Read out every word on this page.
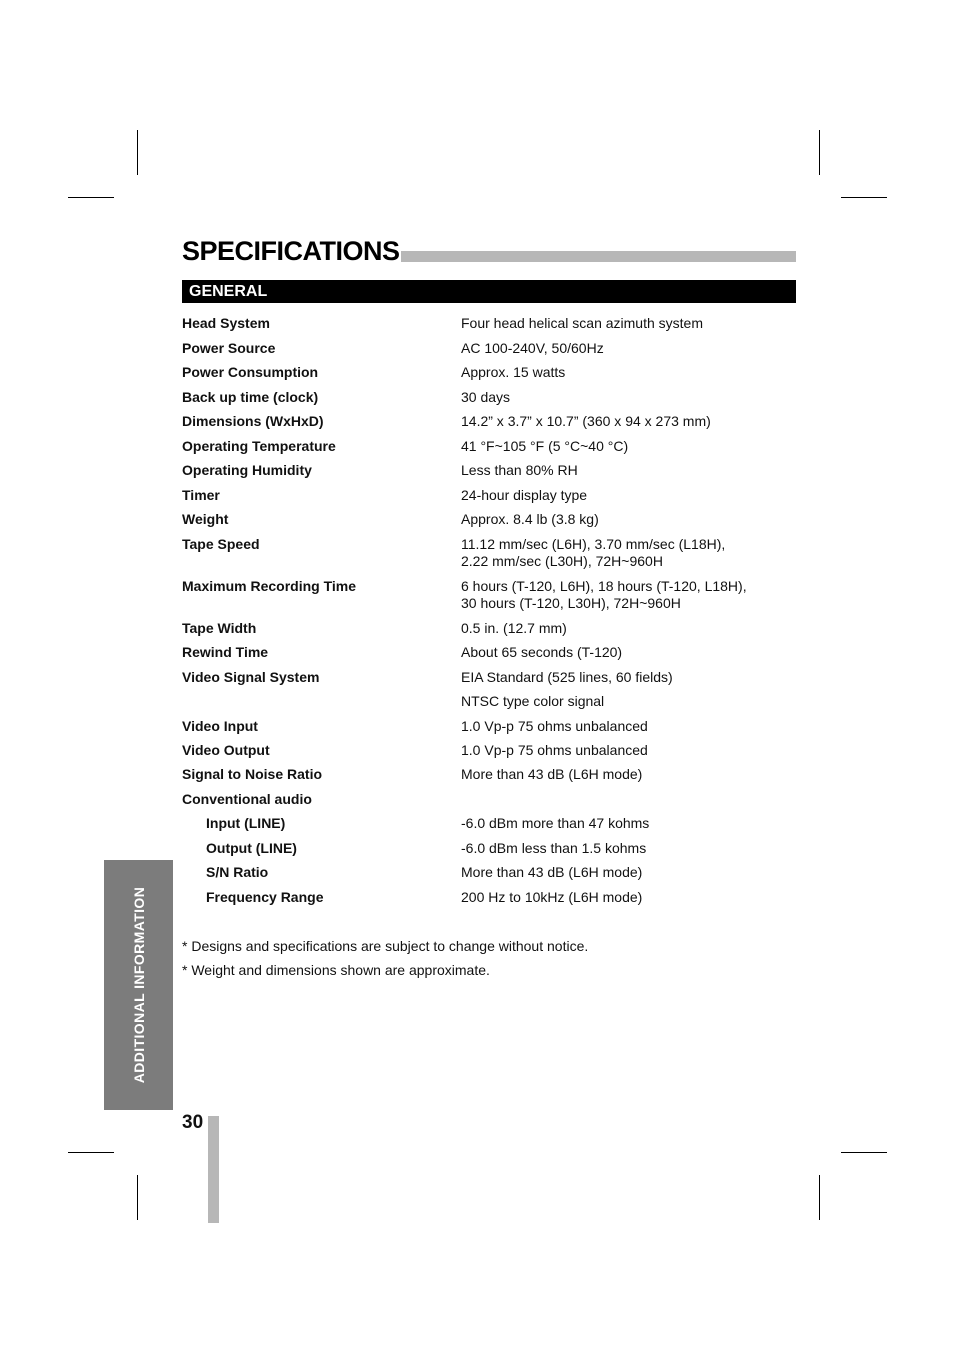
SPECIFICATIONS
GENERAL
Head System	Four head helical scan azimuth system
Power Source	AC 100-240V, 50/60Hz
Power Consumption	Approx. 15 watts
Back up time (clock)	30 days
Dimensions (WxHxD)	14.2” x 3.7” x 10.7” (360 x 94 x 273 mm)
Operating Temperature	41 °F~105 °F (5 °C~40 °C)
Operating Humidity	Less than 80% RH
Timer	24-hour display type
Weight	Approx. 8.4 lb (3.8 kg)
Tape Speed	11.12 mm/sec (L6H), 3.70 mm/sec (L18H),
2.22 mm/sec (L30H), 72H~960H
Maximum Recording Time	6 hours (T-120, L6H), 18 hours (T-120, L18H),
30 hours (T-120, L30H), 72H~960H
Tape Width	0.5 in. (12.7 mm)
Rewind Time	About 65 seconds (T-120)
Video Signal System	EIA Standard (525 lines, 60 fields)
NTSC type color signal
Video Input	1.0 Vp-p 75 ohms unbalanced
Video Output	1.0 Vp-p 75 ohms unbalanced
Signal to Noise Ratio	More than 43 dB (L6H mode)
Conventional audio
Input (LINE)	-6.0 dBm more than 47 kohms
Output (LINE)	-6.0 dBm less than 1.5 kohms
S/N Ratio	More than 43 dB (L6H mode)
Frequency Range	200 Hz to 10kHz (L6H mode)
* Designs and specifications are subject to change without notice.
* Weight and dimensions shown are approximate.
ADDITIONAL INFORMATION
30
